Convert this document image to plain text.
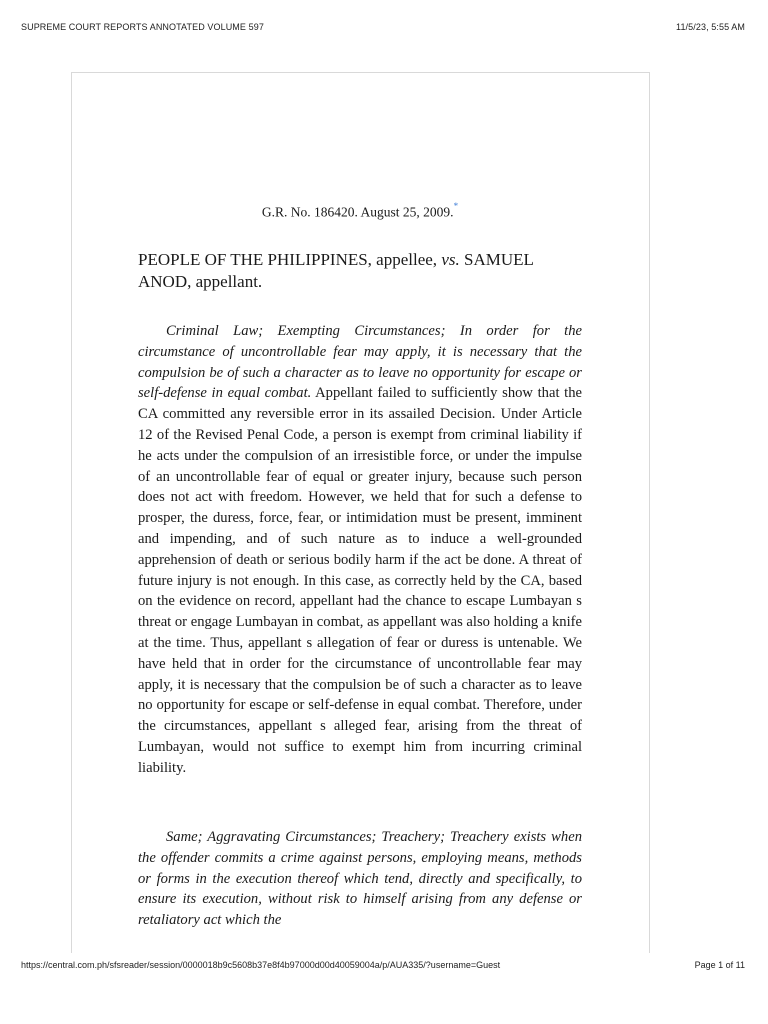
SUPREME COURT REPORTS ANNOTATED VOLUME 597	11/5/23, 5:55 AM
G.R. No. 186420. August 25, 2009.*
PEOPLE OF THE PHILIPPINES, appellee, vs. SAMUEL ANOD, appellant.
Criminal Law; Exempting Circumstances; In order for the circumstance of uncontrollable fear may apply, it is necessary that the compulsion be of such a character as to leave no opportunity for escape or self-defense in equal combat. Appellant failed to sufficiently show that the CA committed any reversible error in its assailed Decision. Under Article 12 of the Revised Penal Code, a person is exempt from criminal liability if he acts under the compulsion of an irresistible force, or under the impulse of an uncontrollable fear of equal or greater injury, because such person does not act with freedom. However, we held that for such a defense to prosper, the duress, force, fear, or intimidation must be present, imminent and impending, and of such nature as to induce a well-grounded apprehension of death or serious bodily harm if the act be done. A threat of future injury is not enough. In this case, as correctly held by the CA, based on the evidence on record, appellant had the chance to escape Lumbayan s threat or engage Lumbayan in combat, as appellant was also holding a knife at the time. Thus, appellant s allegation of fear or duress is untenable. We have held that in order for the circumstance of uncontrollable fear may apply, it is necessary that the compulsion be of such a character as to leave no opportunity for escape or self-defense in equal combat. Therefore, under the circumstances, appellant s alleged fear, arising from the threat of Lumbayan, would not suffice to exempt him from incurring criminal liability.
Same; Aggravating Circumstances; Treachery; Treachery exists when the offender commits a crime against persons, employing means, methods or forms in the execution thereof which tend, directly and specifically, to ensure its execution, without risk to himself arising from any defense or retaliatory act which the
https://central.com.ph/sfsreader/session/0000018b9c5608b37e8f4b97000d00d40059004a/p/AUA335/?username=Guest	Page 1 of 11
